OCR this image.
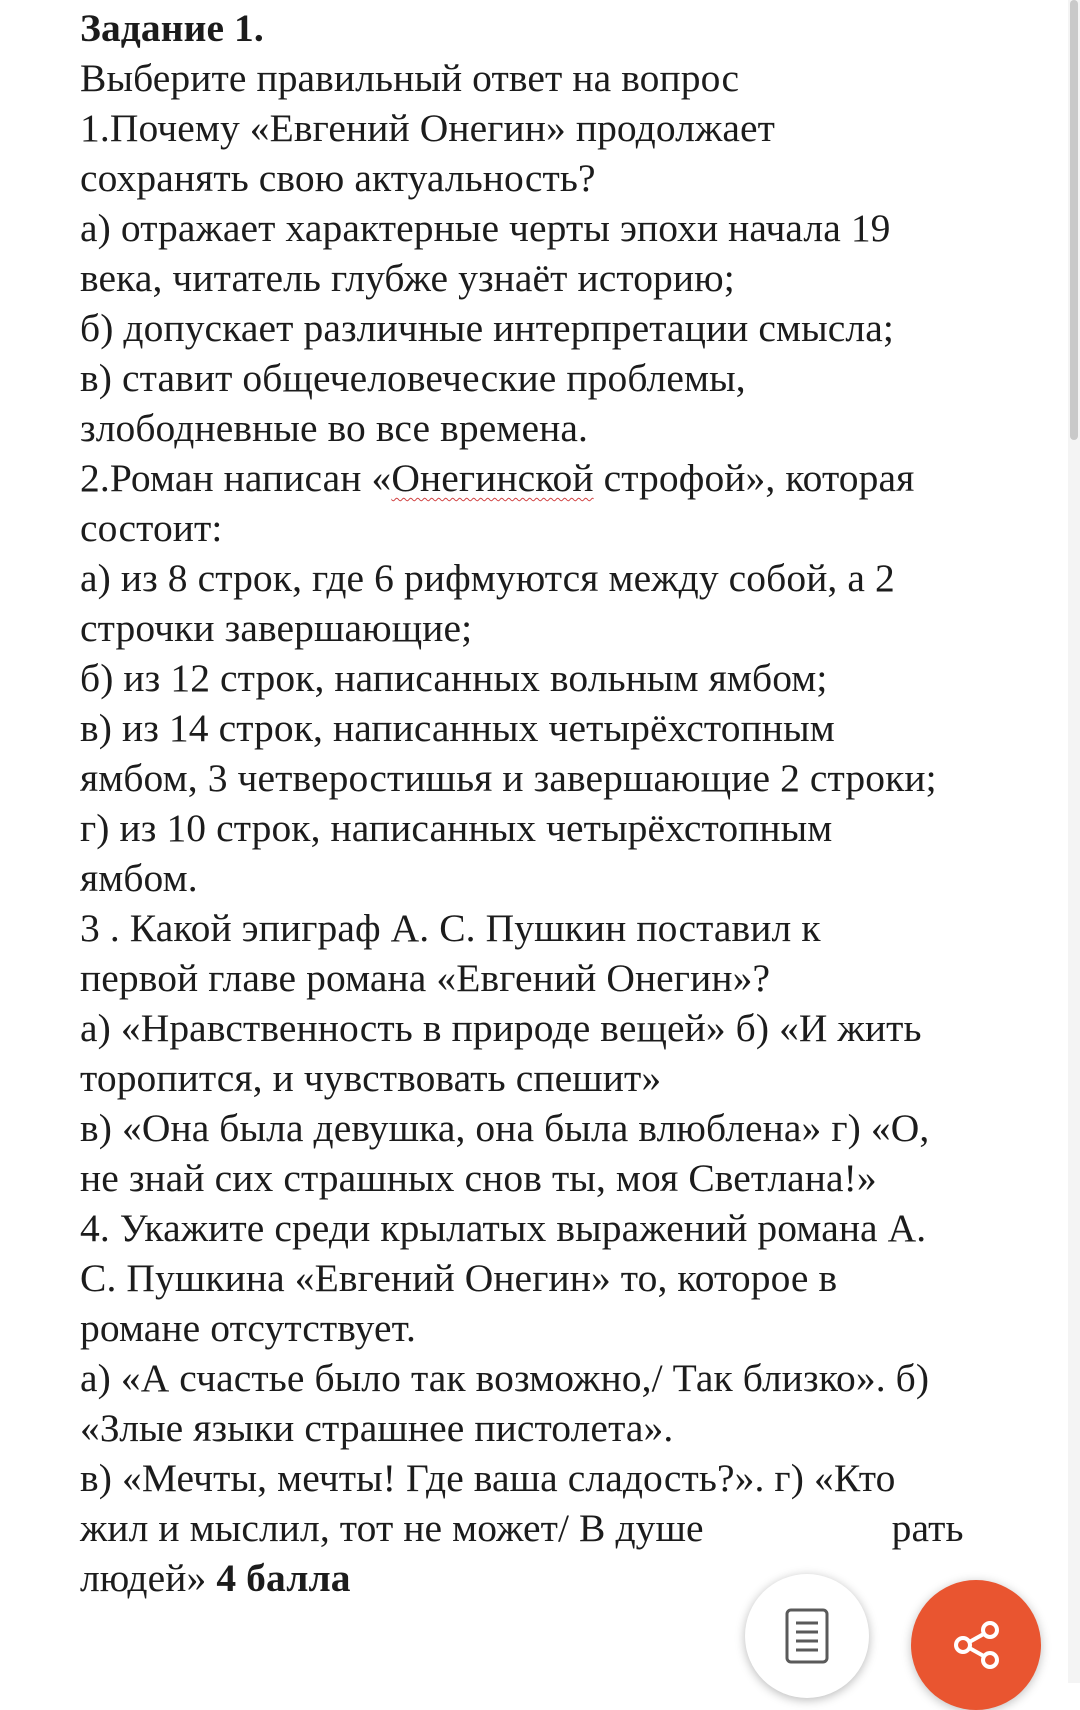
Задание 1.
Выберите правильный ответ на вопрос
1.Почему «Евгений Онегин» продолжает
сохранять свою актуальность?
а) отражает характерные черты эпохи начала 19
века, читатель глубже узнаёт историю;
б) допускает различные интерпретации смысла;
в) ставит общечеловеческие проблемы,
злободневные во все времена.
2.Роман написан «Онегинской строфой», которая
состоит:
а) из 8 строк, где 6 рифмуются между собой, а 2
строчки завершающие;
б) из 12 строк, написанных вольным ямбом;
в) из 14 строк, написанных четырёхстопным
ямбом, 3 четверостишья и завершающие 2 строки;
г) из 10 строк, написанных четырёхстопным
ямбом.
3 . Какой эпиграф А. С. Пушкин поставил к
первой главе романа «Евгений Онегин»?
а) «Нравственность в природе вещей» б) «И жить
торопится, и чувствовать спешит»
в) «Она была девушка, она была влюблена» г) «О,
не знай сих страшных снов ты, моя Светлана!»
4. Укажите среди крылатых выражений романа А.
С. Пушкина «Евгений Онегин» то, которое в
романе отсутствует.
а) «А счастье было так возможно,/ Так близко». б)
«Злые языки страшнее пистолета».
в) «Мечты, мечты! Где ваша сладость?». г) «Кто
жил и мыслил, тот не может/ В душе	рать
людей» 4 балла
